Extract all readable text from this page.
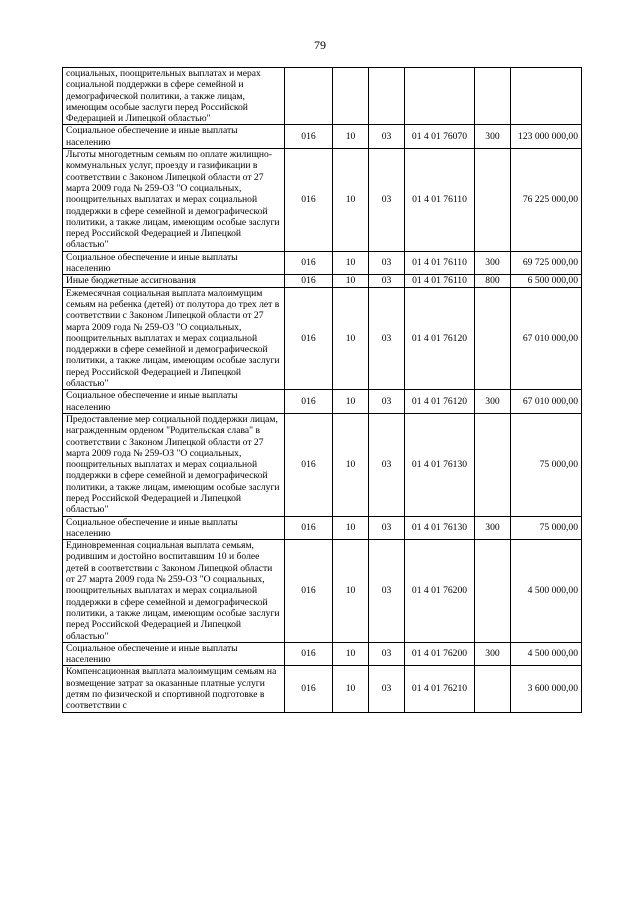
79
социальных, поощрительных выплатах и мерах социальной поддержки в сфере семейной и демографической политики, а также лицам, имеющим особые заслуги перед Российской Федерацией и Липецкой областью"						
Социальное обеспечение и иные выплаты населению	016	10	03	01 4 01 76070	300	123 000 000,00
Льготы многодетным семьям по оплате жилищно-коммунальных услуг, проезду и газификации в соответствии с Законом Липецкой области от 27 марта 2009 года № 259-ОЗ "О социальных, поощрительных выплатах и мерах социальной поддержки в сфере семейной и демографической политики, а также лицам, имеющим особые заслуги перед Российской Федерацией и Липецкой областью"	016	10	03	01 4 01 76110		76 225 000,00
Социальное обеспечение и иные выплаты населению	016	10	03	01 4 01 76110	300	69 725 000,00
Иные бюджетные ассигнования	016	10	03	01 4 01 76110	800	6 500 000,00
Ежемесячная социальная выплата малоимущим семьям на ребенка (детей) от полутора до трех лет в соответствии с Законом Липецкой области от 27 марта 2009 года № 259-ОЗ "О социальных, поощрительных выплатах и мерах социальной поддержки в сфере семейной и демографической политики, а также лицам, имеющим особые заслуги перед Российской Федерацией и Липецкой областью"	016	10	03	01 4 01 76120		67 010 000,00
Социальное обеспечение и иные выплаты населению	016	10	03	01 4 01 76120	300	67 010 000,00
Предоставление мер социальной поддержки лицам, награжденным орденом "Родительская слава" в соответствии с Законом Липецкой области от 27 марта 2009 года № 259-ОЗ "О социальных, поощрительных выплатах и мерах социальной поддержки в сфере семейной и демографической политики, а также лицам, имеющим особые заслуги перед Российской Федерацией и Липецкой областью"	016	10	03	01 4 01 76130		75 000,00
Социальное обеспечение и иные выплаты населению	016	10	03	01 4 01 76130	300	75 000,00
Единовременная социальная выплата семьям, родившим и достойно воспитавшим 10 и более детей в соответствии с Законом Липецкой области от 27 марта 2009 года № 259-ОЗ "О социальных, поощрительных выплатах и мерах социальной поддержки в сфере семейной и демографической политики, а также лицам, имеющим особые заслуги перед Российской Федерацией и Липецкой областью"	016	10	03	01 4 01 76200		4 500 000,00
Социальное обеспечение и иные выплаты населению	016	10	03	01 4 01 76200	300	4 500 000,00
Компенсационная выплата малоимущим семьям на возмещение затрат за оказанные платные услуги детям по физической и спортивной подготовке в соответствии с	016	10	03	01 4 01 76210		3 600 000,00
